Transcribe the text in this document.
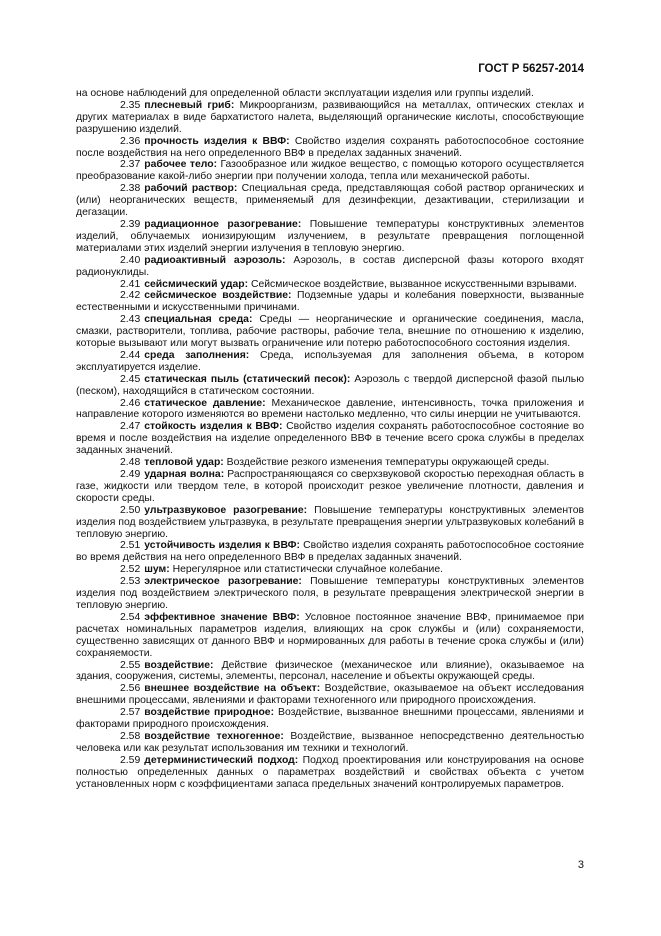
ГОСТ Р 56257-2014

на основе наблюдений для определенной области эксплуатации изделия или группы изделий.

2.35 плесневый гриб: Микроорганизм, развивающийся на металлах, оптических стеклах и других материалах в виде бархатистого налета, выделяющий органические кислоты, способствующие разрушению изделий.

2.36 прочность изделия к ВВФ: Свойство изделия сохранять работоспособное состояние после воздействия на него определенного ВВФ в пределах заданных значений.

2.37 рабочее тело: Газообразное или жидкое вещество, с помощью которого осуществляется преобразование какой-либо энергии при получении холода, тепла или механической работы.

2.38 рабочий раствор: Специальная среда, представляющая собой раствор органических и (или) неорганических веществ, применяемый для дезинфекции, дезактивации, стерилизации и дегазации.

2.39 радиационное разогревание: Повышение температуры конструктивных элементов изделий, облучаемых ионизирующим излучением, в результате превращения поглощенной материалами этих изделий энергии излучения в тепловую энергию.

2.40 радиоактивный аэрозоль: Аэрозоль, в состав дисперсной фазы которого входят радионуклиды.

2.41 сейсмический удар: Сейсмическое воздействие, вызванное искусственными взрывами.

2.42 сейсмическое воздействие: Подземные удары и колебания поверхности, вызванные естественными и искусственными причинами.

2.43 специальная среда: Среды — неорганические и органические соединения, масла, смазки, растворители, топлива, рабочие растворы, рабочие тела, внешние по отношению к изделию, которые вызывают или могут вызвать ограничение или потерю работоспособного состояния изделия.

2.44 среда заполнения: Среда, используемая для заполнения объема, в котором эксплуатируется изделие.

2.45 статическая пыль (статический песок): Аэрозоль с твердой дисперсной фазой пылью (песком), находящийся в статическом состоянии.

2.46 статическое давление: Механическое давление, интенсивность, точка приложения и направление которого изменяются во времени настолько медленно, что силы инерции не учитываются.

2.47 стойкость изделия к ВВФ: Свойство изделия сохранять работоспособное состояние во время и после воздействия на изделие определенного ВВФ в течение всего срока службы в пределах заданных значений.

2.48 тепловой удар: Воздействие резкого изменения температуры окружающей среды.

2.49 ударная волна: Распространяющаяся со сверхзвуковой скоростью переходная область в газе, жидкости или твердом теле, в которой происходит резкое увеличение плотности, давления и скорости среды.

2.50 ультразвуковое разогревание: Повышение температуры конструктивных элементов изделия под воздействием ультразвука, в результате превращения энергии ультразвуковых колебаний в тепловую энергию.

2.51 устойчивость изделия к ВВФ: Свойство изделия сохранять работоспособное состояние во время действия на него определенного ВВФ в пределах заданных значений.

2.52 шум: Нерегулярное или статистически случайное колебание.

2.53 электрическое разогревание: Повышение температуры конструктивных элементов изделия под воздействием электрического поля, в результате превращения электрической энергии в тепловую энергию.

2.54 эффективное значение ВВФ: Условное постоянное значение ВВФ, принимаемое при расчетах номинальных параметров изделия, влияющих на срок службы и (или) сохраняемости, существенно зависящих от данного ВВФ и нормированных для работы в течение срока службы и (или) сохраняемости.

2.55 воздействие: Действие физическое (механическое или влияние), оказываемое на здания, сооружения, системы, элементы, персонал, население и объекты окружающей среды.

2.56 внешнее воздействие на объект: Воздействие, оказываемое на объект исследования внешними процессами, явлениями и факторами техногенного или природного происхождения.

2.57 воздействие природное: Воздействие, вызванное внешними процессами, явлениями и факторами природного происхождения.

2.58 воздействие техногенное: Воздействие, вызванное непосредственно деятельностью человека или как результат использования им техники и технологий.

2.59 детерминистический подход: Подход проектирования или конструирования на основе полностью определенных данных о параметрах воздействий и свойствах объекта с учетом установленных норм с коэффициентами запаса предельных значений контролируемых параметров.

3
